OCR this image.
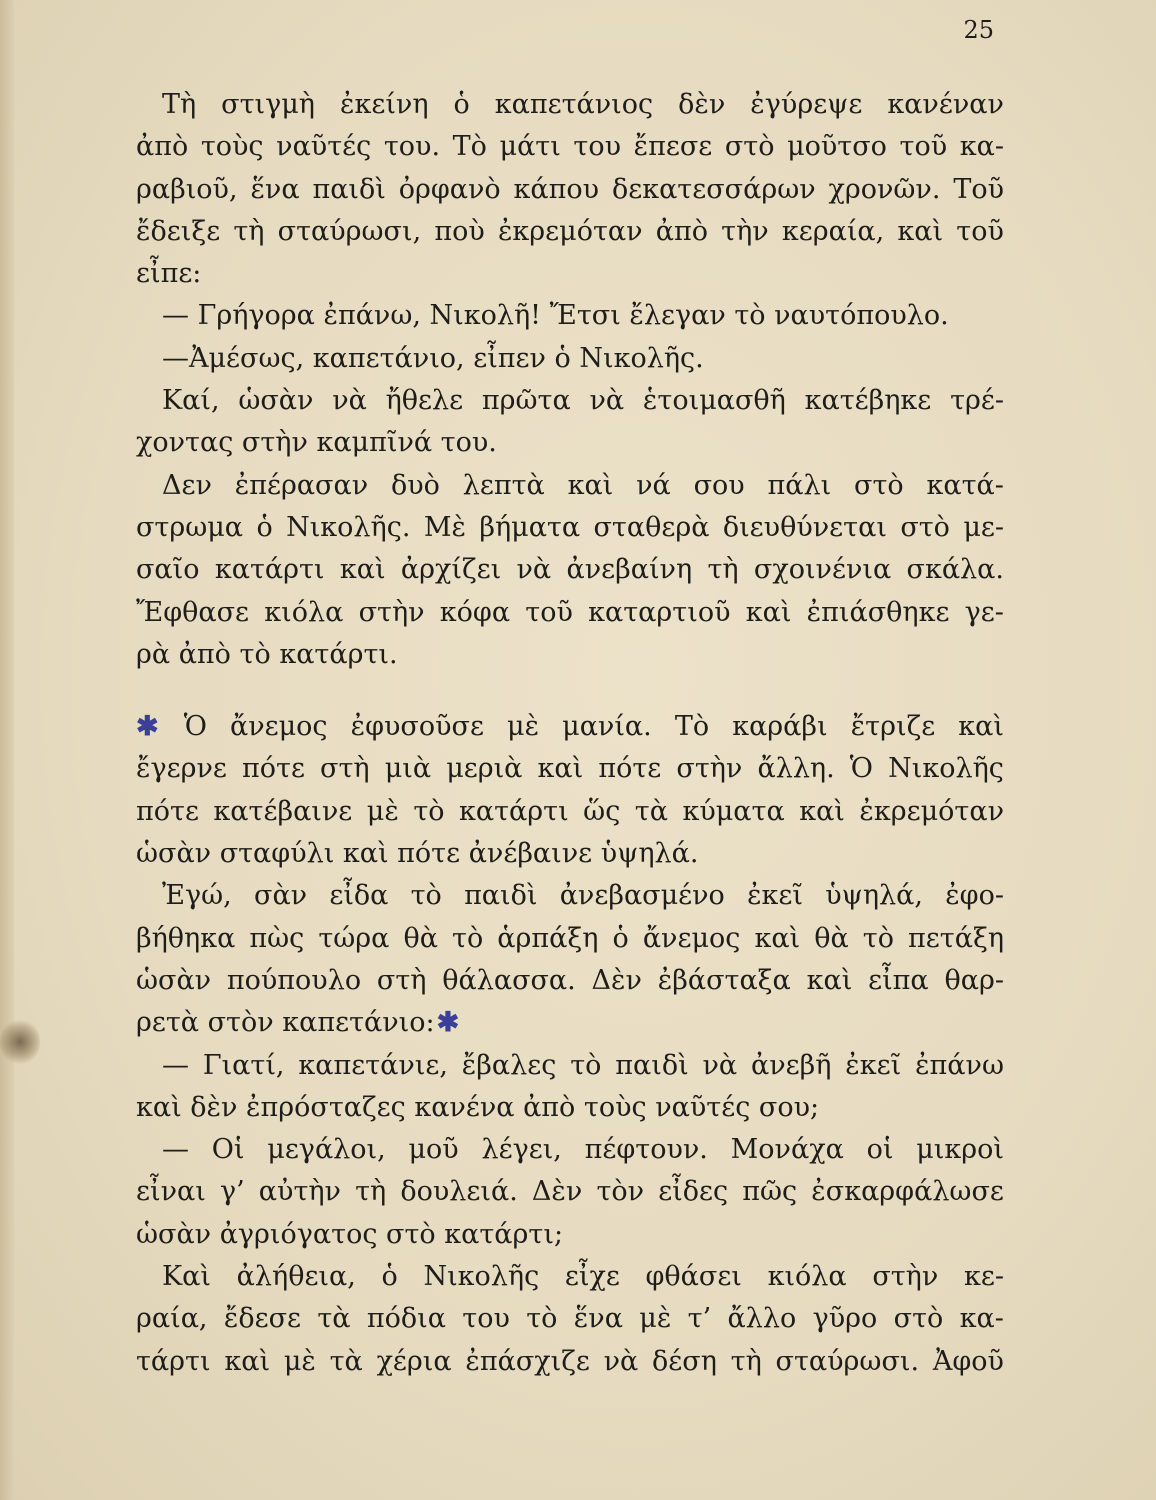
25

Τὴ στιγμὴ ἐκείνη ὁ καπετάνιος δὲν ἐγύρεψε κανέναν
ἀπὸ τοὺς ναῦτές του. Τὸ μάτι του ἔπεσε στὸ μοῦτσο τοῦ κα-
ραβιοῦ, ἕνα παιδὶ ὀρφανὸ κάπου δεκατεσσάρων χρονῶν. Τοῦ
ἔδειξε τὴ σταύρωσι, ποὺ ἐκρεμόταν ἀπὸ τὴν κεραία, καὶ τοῦ
εἶπε:
— Γρήγορα ἐπάνω, Νικολῆ! Ἔτσι ἔλεγαν τὸ ναυτόπουλο.
—Ἀμέσως, καπετάνιο, εἶπεν ὁ Νικολῆς.
Καί, ὡσὰν νὰ ἤθελε πρῶτα νὰ ἑτοιμασθῆ κατέβηκε τρέ-
χοντας στὴν καμπῖνά του.
Δεν ἐπέρασαν δυὸ λεπτὰ καὶ νά σου πάλι στὸ κατά-
στρωμα ὁ Νικολῆς. Μὲ βήματα σταθερὰ διευθύνεται στὸ με-
σαῖο κατάρτι καὶ ἀρχίζει νὰ ἀνεβαίνη τὴ σχοινένια σκάλα.
Ἔφθασε κιόλα στὴν κόφα τοῦ καταρτιοῦ καὶ ἐπιάσθηκε γε-
ρὰ ἀπὸ τὸ κατάρτι.
✱ Ὁ ἄνεμος ἐφυσοῦσε μὲ μανία. Τὸ καράβι ἔτριζε καὶ
ἔγερνε πότε στὴ μιὰ μεριὰ καὶ πότε στὴν ἄλλη. Ὁ Νικολῆς
πότε κατέβαινε μὲ τὸ κατάρτι ὥς τὰ κύματα καὶ ἐκρεμόταν
ὡσὰν σταφύλι καὶ πότε ἀνέβαινε ὑψηλά.
Ἐγώ, σὰν εἶδα τὸ παιδὶ ἀνεβασμένο ἐκεῖ ὑψηλά, ἐφο-
βήθηκα πὼς τώρα θὰ τὸ ἁρπάξη ὁ ἄνεμος καὶ θὰ τὸ πετάξη
ὡσὰν πούπουλο στὴ θάλασσα. Δὲν ἐβάσταξα καὶ εἶπα θαρ-
ρετὰ στὸν καπετάνιο: ✱
— Γιατί, καπετάνιε, ἔβαλες τὸ παιδὶ νὰ ἀνεβῆ ἐκεῖ ἐπάνω
καὶ δὲν ἐπρόσταζες κανένα ἀπὸ τοὺς ναῦτές σου;
— Οἱ μεγάλοι, μοῦ λέγει, πέφτουν. Μονάχα οἱ μικροὶ
εἶναι γ’ αὐτὴν τὴ δουλειά. Δὲν τὸν εἶδες πῶς ἐσκαρφάλωσε
ὡσὰν ἀγριόγατος στὸ κατάρτι;
Καὶ ἀλήθεια, ὁ Νικολῆς εἶχε φθάσει κιόλα στὴν κε-
ραία, ἔδεσε τὰ πόδια του τὸ ἕνα μὲ τ’ ἄλλο γῦρο στὸ κα-
τάρτι καὶ μὲ τὰ χέρια ἐπάσχιζε νὰ δέση τὴ σταύρωσι. Ἀφοῦ
